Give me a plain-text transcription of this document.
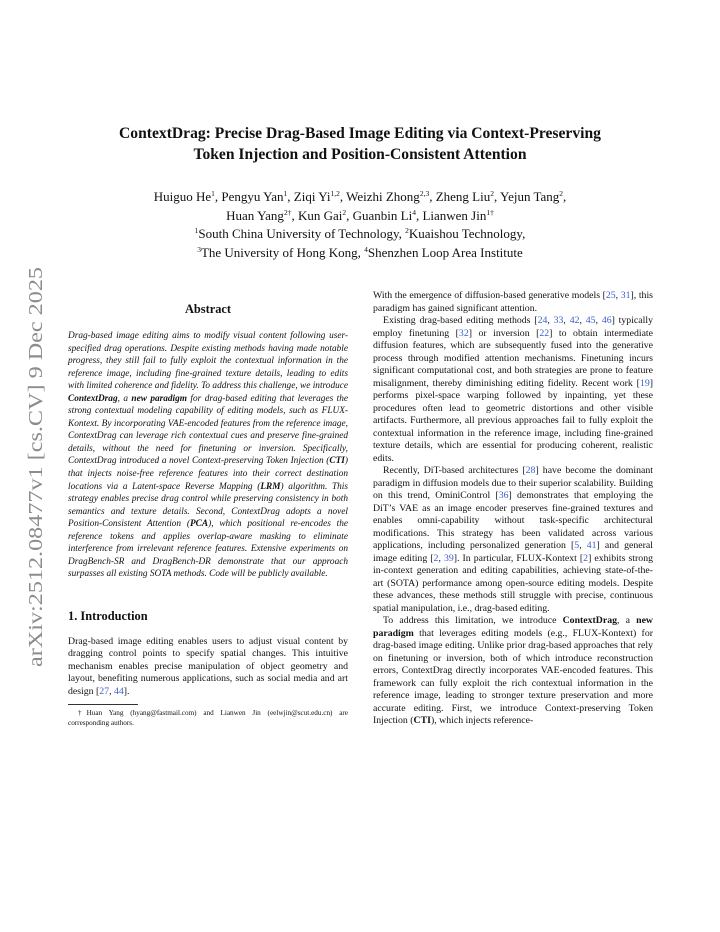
arXiv:2512.08477v1 [cs.CV] 9 Dec 2025
ContextDrag: Precise Drag-Based Image Editing via Context-Preserving
Token Injection and Position-Consistent Attention
Huiguo He$^1$, Pengyu Yan$^1$, Ziqi Yi$^{1,2}$, Weizhi Zhong$^{2,3}$, Zheng Liu$^2$, Yejun Tang$^2$,
Huan Yang$^{2\dagger}$, Kun Gai$^2$, Guanbin Li$^4$, Lianwen Jin$^{1\dagger}$
$^1$South China University of Technology, $^2$Kuaishou Technology,
$^3$The University of Hong Kong, $^4$Shenzhen Loop Area Institute
Abstract

Drag-based image editing aims to modify visual content following user-specified drag operations. Despite existing methods having made notable progress, they still fail to fully exploit the contextual information in the reference image, including fine-grained texture details, leading to edits with limited coherence and fidelity. To address this challenge, we introduce ContextDrag, a new paradigm for drag-based editing that leverages the strong contextual modeling capability of editing models, such as FLUX-Kontext. By incorporating VAE-encoded features from the reference image, ContextDrag can leverage rich contextual cues and preserve fine-grained details, without the need for finetuning or inversion. Specifically, ContextDrag introduced a novel Context-preserving Token Injection (CTI) that injects noise-free reference features into their correct destination locations via a Latent-space Reverse Mapping (LRM) algorithm. This strategy enables precise drag control while preserving consistency in both semantics and texture details. Second, ContextDrag adopts a novel Position-Consistent Attention (PCA), which positional re-encodes the reference tokens and applies overlap-aware masking to eliminate interference from irrelevant reference features. Extensive experiments on DragBench-SR and DragBench-DR demonstrate that our approach surpasses all existing SOTA methods. Code will be publicly available.

1. Introduction

Drag-based image editing enables users to adjust visual content by dragging control points to specify spatial changes. This intuitive mechanism enables precise manipulation of object geometry and layout, benefiting numerous applications, such as social media and art design [27, 44].

†Huan Yang (hyang@fastmail.com) and Lianwen Jin (eelwjin@scut.edu.cn) are corresponding authors.

With the emergence of diffusion-based generative models [25, 31], this paradigm has gained significant attention.

Existing drag-based editing methods [24, 33, 42, 45, 46] typically employ finetuning [32] or inversion [22] to obtain intermediate diffusion features, which are subsequently fused into the generative process through modified attention mechanisms. Finetuning incurs significant computational cost, and both strategies are prone to feature misalignment, thereby diminishing editing fidelity. Recent work [19] performs pixel-space warping followed by inpainting, yet these procedures often lead to geometric distortions and other visible artifacts. Furthermore, all previous approaches fail to fully exploit the contextual information in the reference image, including fine-grained texture details, which are essential for producing coherent, realistic edits.

Recently, DiT-based architectures [28] have become the dominant paradigm in diffusion models due to their superior scalability. Building on this trend, OminiControl [36] demonstrates that employing the DiT’s VAE as an image encoder preserves fine-grained textures and enables omni-capability without task-specific architectural modifications. This strategy has been validated across various applications, including personalized generation [5, 41] and general image editing [2, 39]. In particular, FLUX-Kontext [2] exhibits strong in-context generation and editing capabilities, achieving state-of-the-art (SOTA) performance among open-source editing models. Despite these advances, these methods still struggle with precise, continuous spatial manipulation, i.e., drag-based editing.

To address this limitation, we introduce ContextDrag, a new paradigm that leverages editing models (e.g., FLUX-Kontext) for drag-based image editing. Unlike prior drag-based approaches that rely on finetuning or inversion, both of which introduce reconstruction errors, ContextDrag directly incorporates VAE-encoded features. This framework can fully exploit the rich contextual information in the reference image, leading to stronger texture preservation and more accurate editing. First, we introduce Context-preserving Token Injection (CTI), which injects reference-
